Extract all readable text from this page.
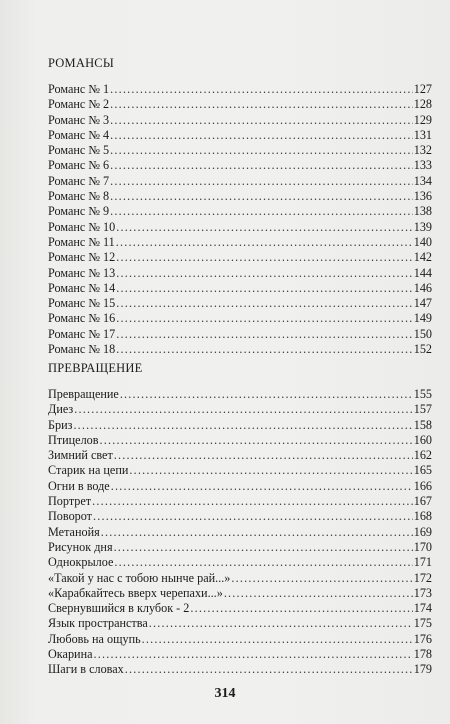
РОМАНСЫ
Романс № 1 .....	127
Романс № 2 .....	128
Романс № 3 .....	129
Романс № 4 .....	131
Романс № 5 .....	132
Романс № 6 .....	133
Романс № 7 .....	134
Романс № 8 .....	136
Романс № 9 .....	138
Романс № 10 .....	139
Романс № 11 .....	140
Романс № 12 .....	142
Романс № 13 .....	144
Романс № 14 .....	146
Романс № 15 .....	147
Романс № 16 .....	149
Романс № 17 .....	150
Романс № 18 .....	152
ПРЕВРАЩЕНИЕ
Превращение .....	155
Диез .....	157
Бриз .....	158
Птицелов .....	160
Зимний свет .....	162
Старик на цепи .....	165
Огни в воде .....	166
Портрет .....	167
Поворот .....	168
Метанойя .....	169
Рисунок дня .....	170
Однокрылое .....	171
«Такой у нас с тобою нынче рай...» .....	172
«Карабкайтесь вверх черепахи...» .....	173
Свернувшийся в клубок - 2 .....	174
Язык пространства .....	175
Любовь на ощупь .....	176
Окарина .....	178
Шаги в словах .....	179
314
